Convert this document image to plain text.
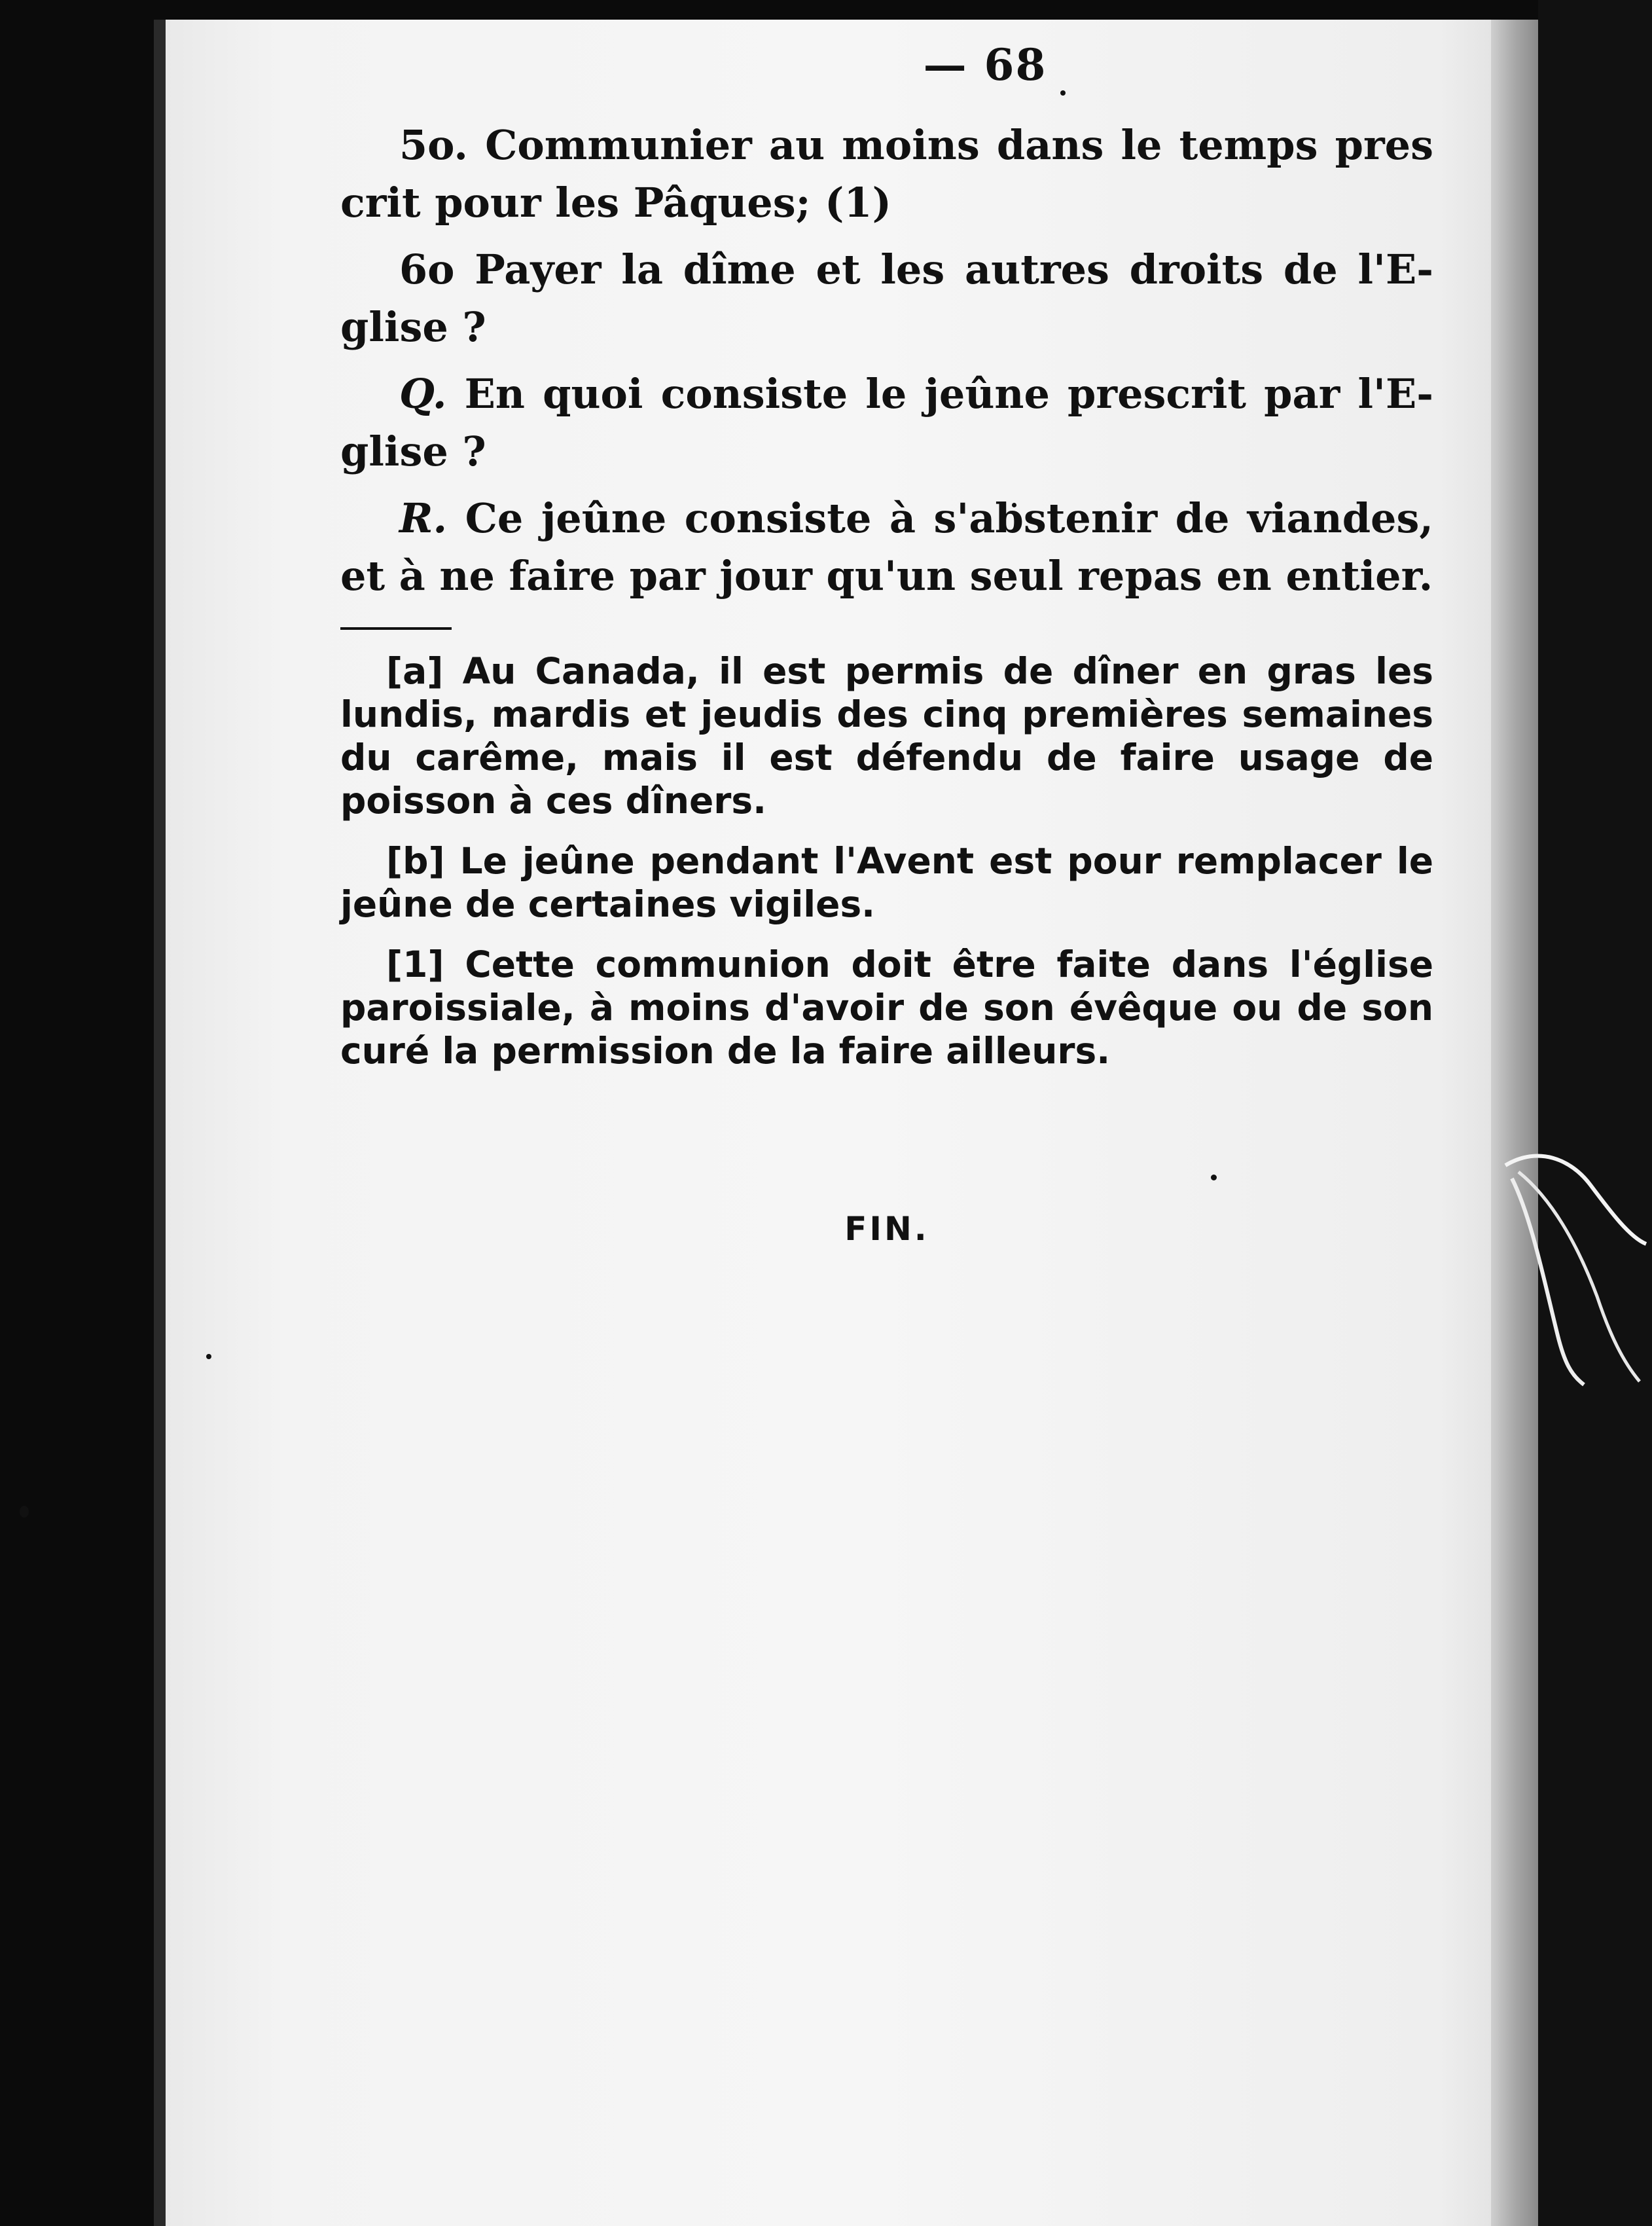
— 68

5o. Communier au moins dans le temps pres crit pour les Pâques; (1)

6o Payer la dîme et les autres droits de l'Eglise ?

Q. En quoi consiste le jeûne prescrit par l'Eglise ?

R. Ce jeûne consiste à s'abstenir de viandes, et à ne faire par jour qu'un seul repas en entier.

[a] Au Canada, il est permis de dîner en gras les lundis, mardis et jeudis des cinq premières semaines du carême, mais il est défendu de faire usage de poisson à ces dîners.

[b] Le jeûne pendant l'Avent est pour remplacer le jeûne de certaines vigiles.

[1] Cette communion doit être faite dans l'église paroissiale, à moins d'avoir de son évêque ou de son curé la permission de la faire ailleurs.

FIN.
